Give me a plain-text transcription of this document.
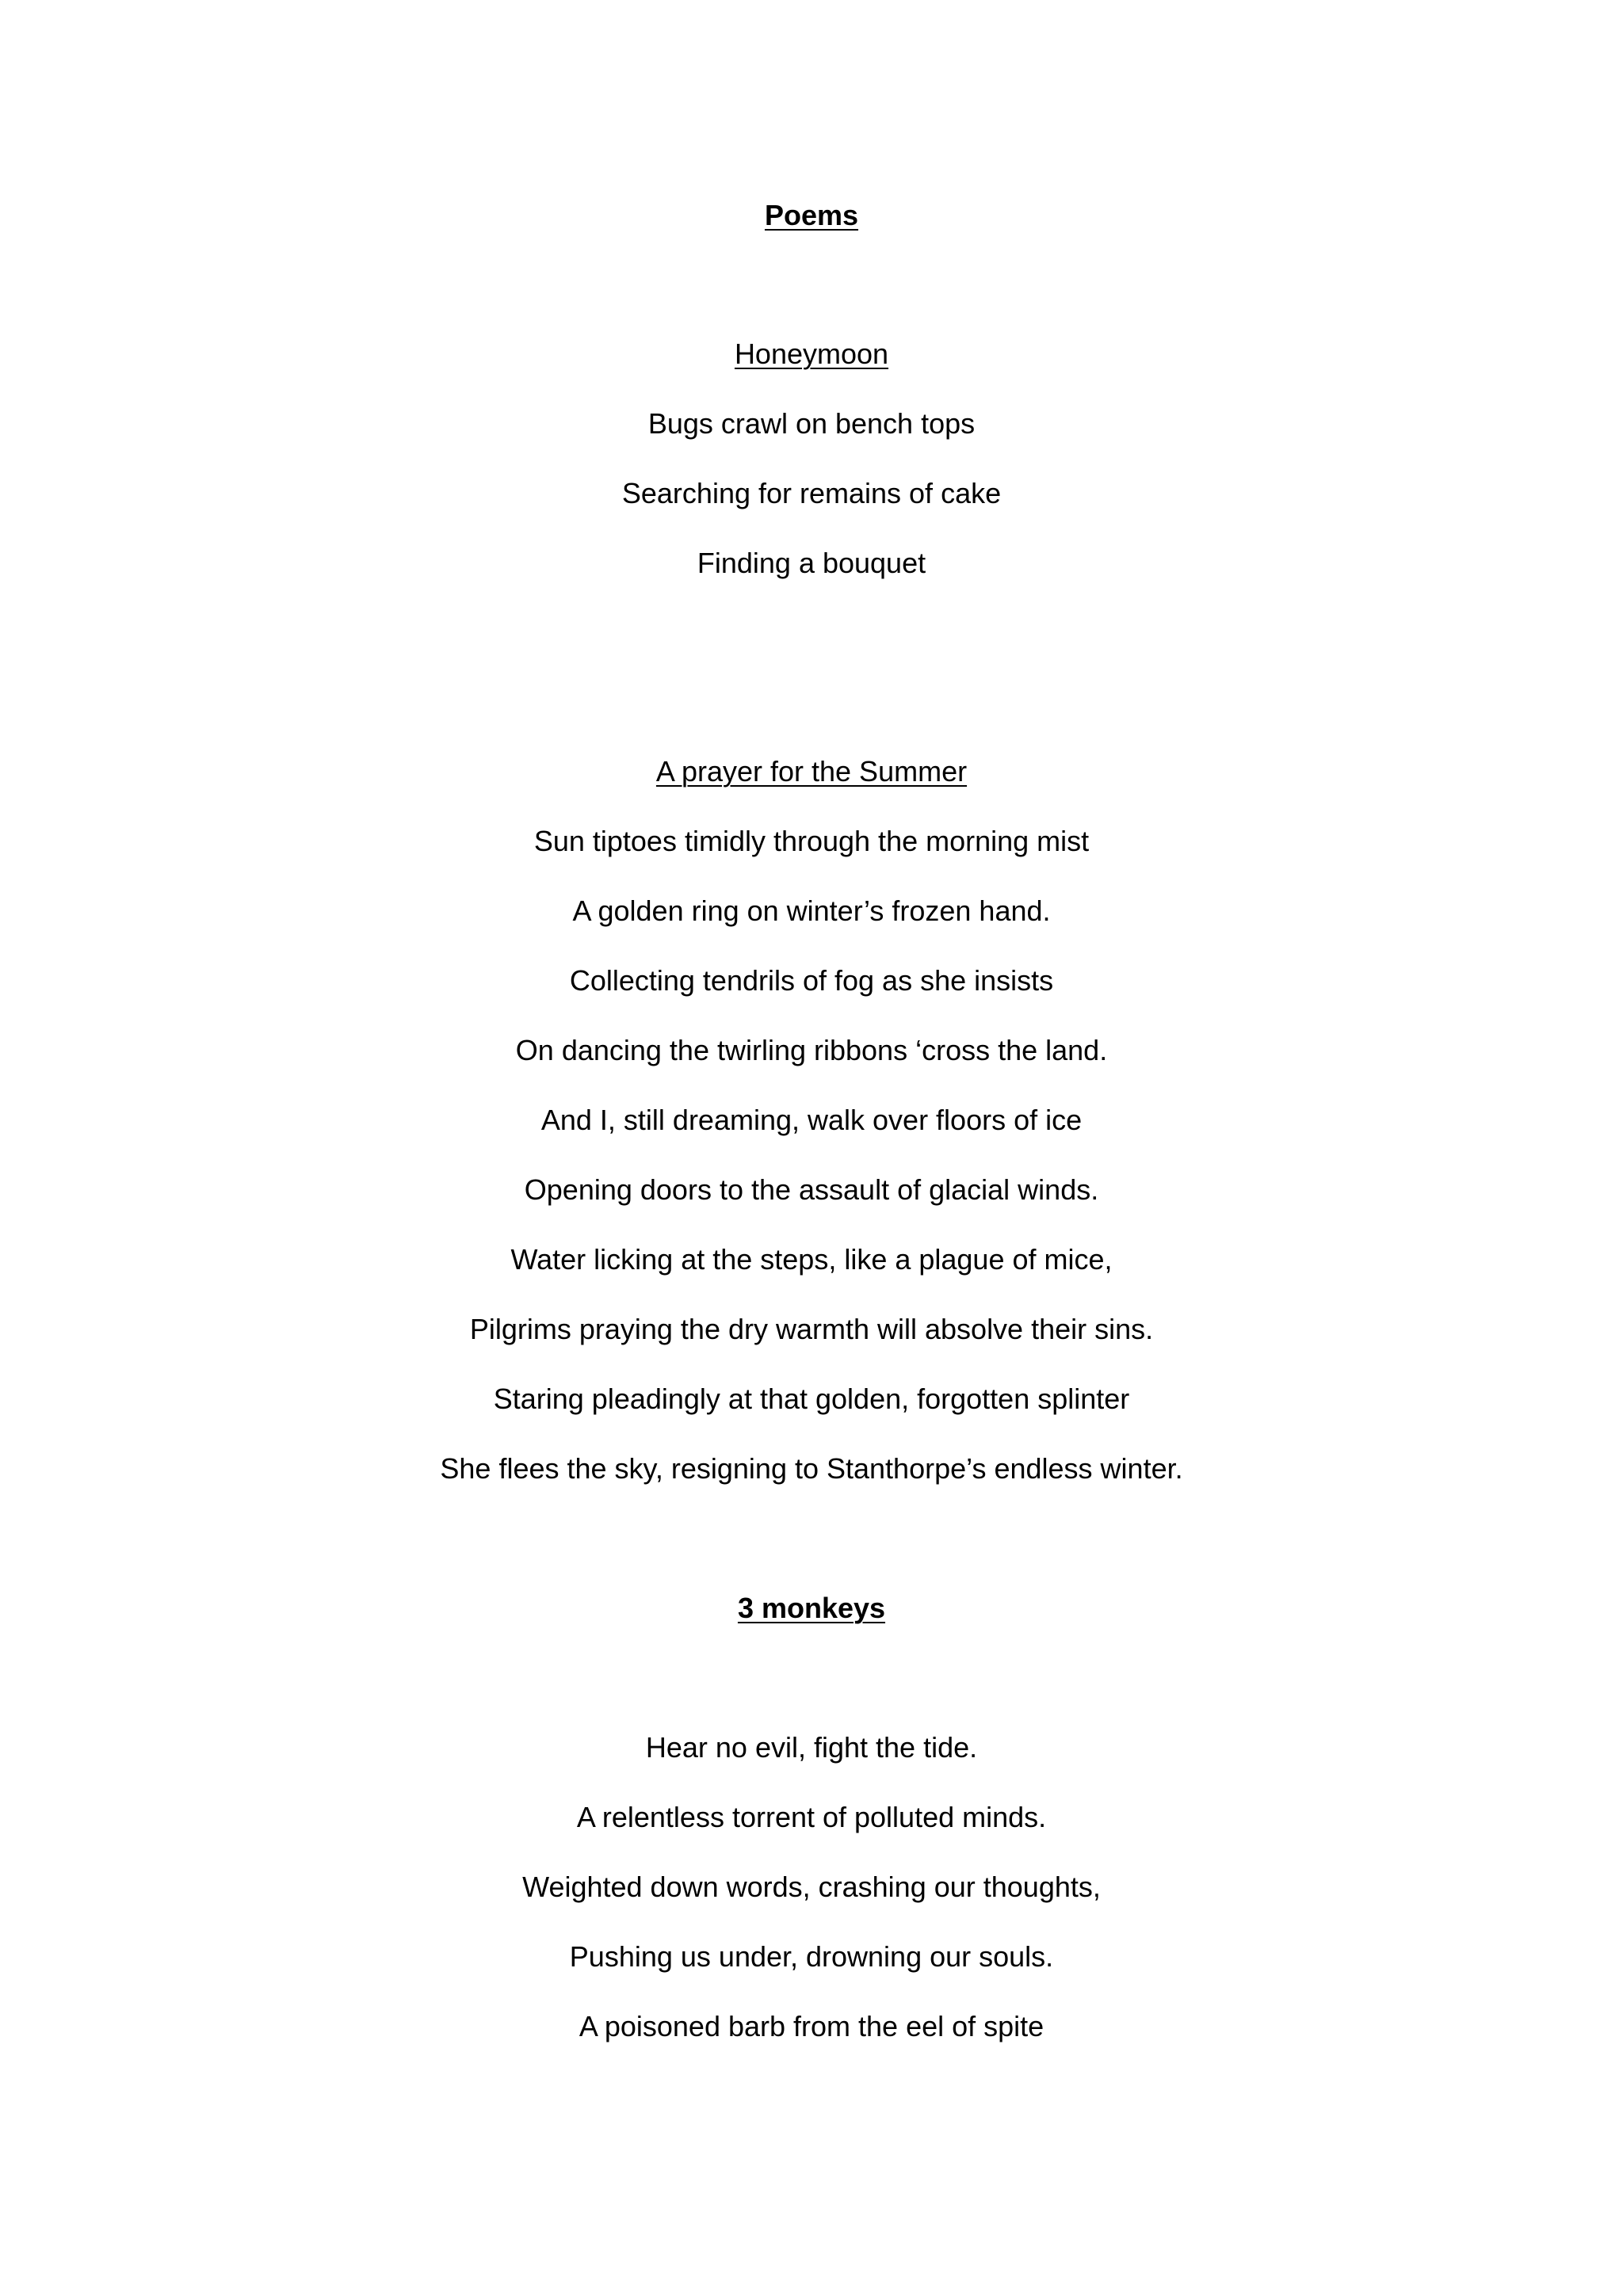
Poems
Honeymoon
Bugs crawl on bench tops
Searching for remains of cake
Finding a bouquet
A prayer for the Summer
Sun tiptoes timidly through the morning mist
A golden ring on winter’s frozen hand.
Collecting tendrils of fog as she insists
On dancing the twirling ribbons ‘cross the land.
And I, still dreaming, walk over floors of ice
Opening doors to the assault of glacial winds.
Water licking at the steps, like a plague of mice,
Pilgrims praying the dry warmth will absolve their sins.
Staring pleadingly at that golden, forgotten splinter
She flees the sky, resigning to Stanthorpe’s endless winter.
3 monkeys
Hear no evil, fight the tide.
A relentless torrent of polluted minds.
Weighted down words, crashing our thoughts,
Pushing us under, drowning our souls.
A poisoned barb from the eel of spite
